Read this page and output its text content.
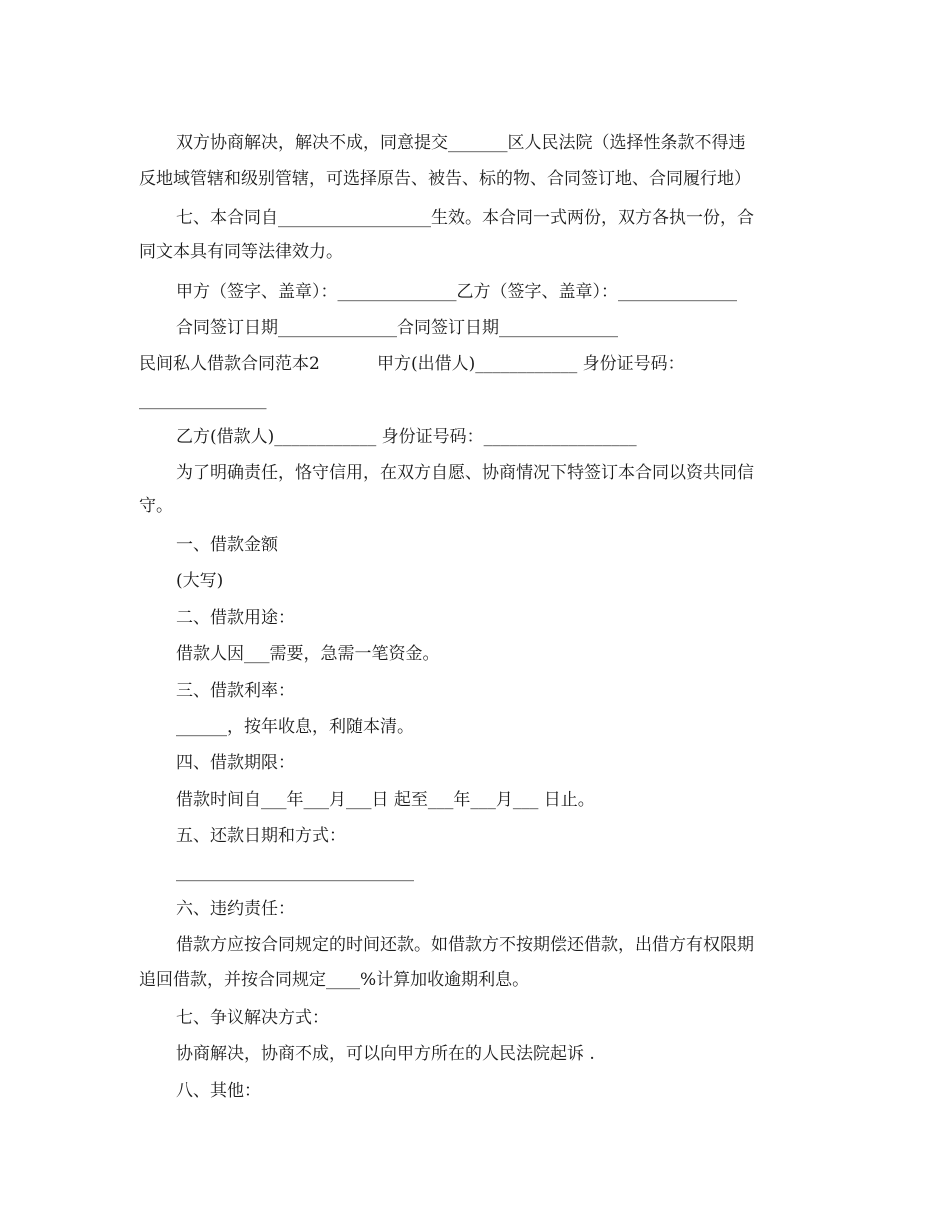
双方协商解决，解决不成，同意提交_______区人民法院（选择性条款不得违
反地域管辖和级别管辖，可选择原告、被告、标的物、合同签订地、合同履行地）
七、本合同自__________________生效。本合同一式两份，双方各执一份，合
同文本具有同等法律效力。
甲方（签字、盖章）：______________乙方（签字、盖章）：______________
合同签订日期______________合同签订日期______________
民间私人借款合同范本2	甲方(出借人)____________ 身份证号码：
_______________
乙方(借款人)____________ 身份证号码：__________________
为了明确责任，恪守信用，在双方自愿、协商情况下特签订本合同以资共同信
守。
一、借款金额
(大写)
二、借款用途：
借款人因___需要，急需一笔资金。
三、借款利率：
______，按年收息，利随本清。
四、借款期限：
借款时间自___年___月___日 起至___年___月___ 日止。
五、还款日期和方式：
____________________________
六、违约责任：
借款方应按合同规定的时间还款。如借款方不按期偿还借款，出借方有权限期
追回借款，并按合同规定____%计算加收逾期利息。
七、争议解决方式：
协商解决，协商不成，可以向甲方所在的人民法院起诉 .
八、其他：
